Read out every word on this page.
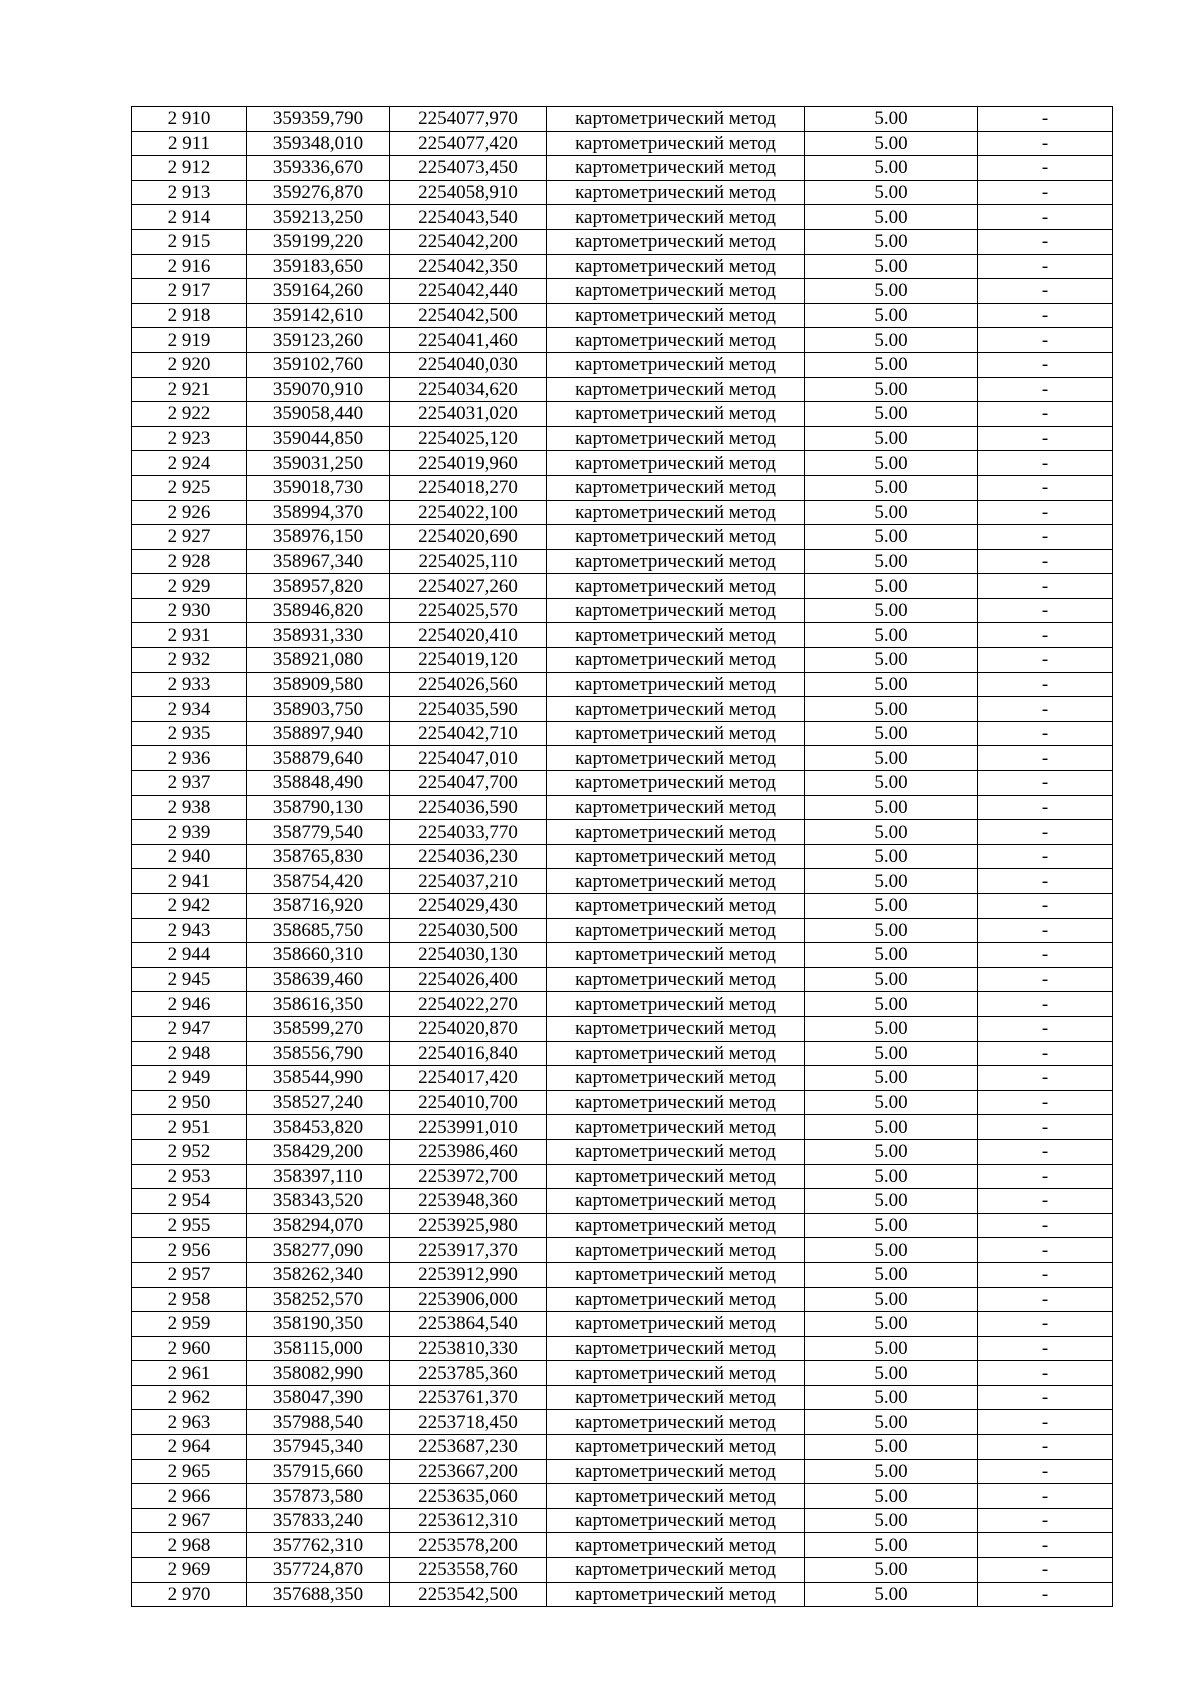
2 910	359359,790	2254077,970	картометрический метод	5.00	-
2 911	359348,010	2254077,420	картометрический метод	5.00	-
2 912	359336,670	2254073,450	картометрический метод	5.00	-
2 913	359276,870	2254058,910	картометрический метод	5.00	-
2 914	359213,250	2254043,540	картометрический метод	5.00	-
2 915	359199,220	2254042,200	картометрический метод	5.00	-
2 916	359183,650	2254042,350	картометрический метод	5.00	-
2 917	359164,260	2254042,440	картометрический метод	5.00	-
2 918	359142,610	2254042,500	картометрический метод	5.00	-
2 919	359123,260	2254041,460	картометрический метод	5.00	-
2 920	359102,760	2254040,030	картометрический метод	5.00	-
2 921	359070,910	2254034,620	картометрический метод	5.00	-
2 922	359058,440	2254031,020	картометрический метод	5.00	-
2 923	359044,850	2254025,120	картометрический метод	5.00	-
2 924	359031,250	2254019,960	картометрический метод	5.00	-
2 925	359018,730	2254018,270	картометрический метод	5.00	-
2 926	358994,370	2254022,100	картометрический метод	5.00	-
2 927	358976,150	2254020,690	картометрический метод	5.00	-
2 928	358967,340	2254025,110	картометрический метод	5.00	-
2 929	358957,820	2254027,260	картометрический метод	5.00	-
2 930	358946,820	2254025,570	картометрический метод	5.00	-
2 931	358931,330	2254020,410	картометрический метод	5.00	-
2 932	358921,080	2254019,120	картометрический метод	5.00	-
2 933	358909,580	2254026,560	картометрический метод	5.00	-
2 934	358903,750	2254035,590	картометрический метод	5.00	-
2 935	358897,940	2254042,710	картометрический метод	5.00	-
2 936	358879,640	2254047,010	картометрический метод	5.00	-
2 937	358848,490	2254047,700	картометрический метод	5.00	-
2 938	358790,130	2254036,590	картометрический метод	5.00	-
2 939	358779,540	2254033,770	картометрический метод	5.00	-
2 940	358765,830	2254036,230	картометрический метод	5.00	-
2 941	358754,420	2254037,210	картометрический метод	5.00	-
2 942	358716,920	2254029,430	картометрический метод	5.00	-
2 943	358685,750	2254030,500	картометрический метод	5.00	-
2 944	358660,310	2254030,130	картометрический метод	5.00	-
2 945	358639,460	2254026,400	картометрический метод	5.00	-
2 946	358616,350	2254022,270	картометрический метод	5.00	-
2 947	358599,270	2254020,870	картометрический метод	5.00	-
2 948	358556,790	2254016,840	картометрический метод	5.00	-
2 949	358544,990	2254017,420	картометрический метод	5.00	-
2 950	358527,240	2254010,700	картометрический метод	5.00	-
2 951	358453,820	2253991,010	картометрический метод	5.00	-
2 952	358429,200	2253986,460	картометрический метод	5.00	-
2 953	358397,110	2253972,700	картометрический метод	5.00	-
2 954	358343,520	2253948,360	картометрический метод	5.00	-
2 955	358294,070	2253925,980	картометрический метод	5.00	-
2 956	358277,090	2253917,370	картометрический метод	5.00	-
2 957	358262,340	2253912,990	картометрический метод	5.00	-
2 958	358252,570	2253906,000	картометрический метод	5.00	-
2 959	358190,350	2253864,540	картометрический метод	5.00	-
2 960	358115,000	2253810,330	картометрический метод	5.00	-
2 961	358082,990	2253785,360	картометрический метод	5.00	-
2 962	358047,390	2253761,370	картометрический метод	5.00	-
2 963	357988,540	2253718,450	картометрический метод	5.00	-
2 964	357945,340	2253687,230	картометрический метод	5.00	-
2 965	357915,660	2253667,200	картометрический метод	5.00	-
2 966	357873,580	2253635,060	картометрический метод	5.00	-
2 967	357833,240	2253612,310	картометрический метод	5.00	-
2 968	357762,310	2253578,200	картометрический метод	5.00	-
2 969	357724,870	2253558,760	картометрический метод	5.00	-
2 970	357688,350	2253542,500	картометрический метод	5.00	-
